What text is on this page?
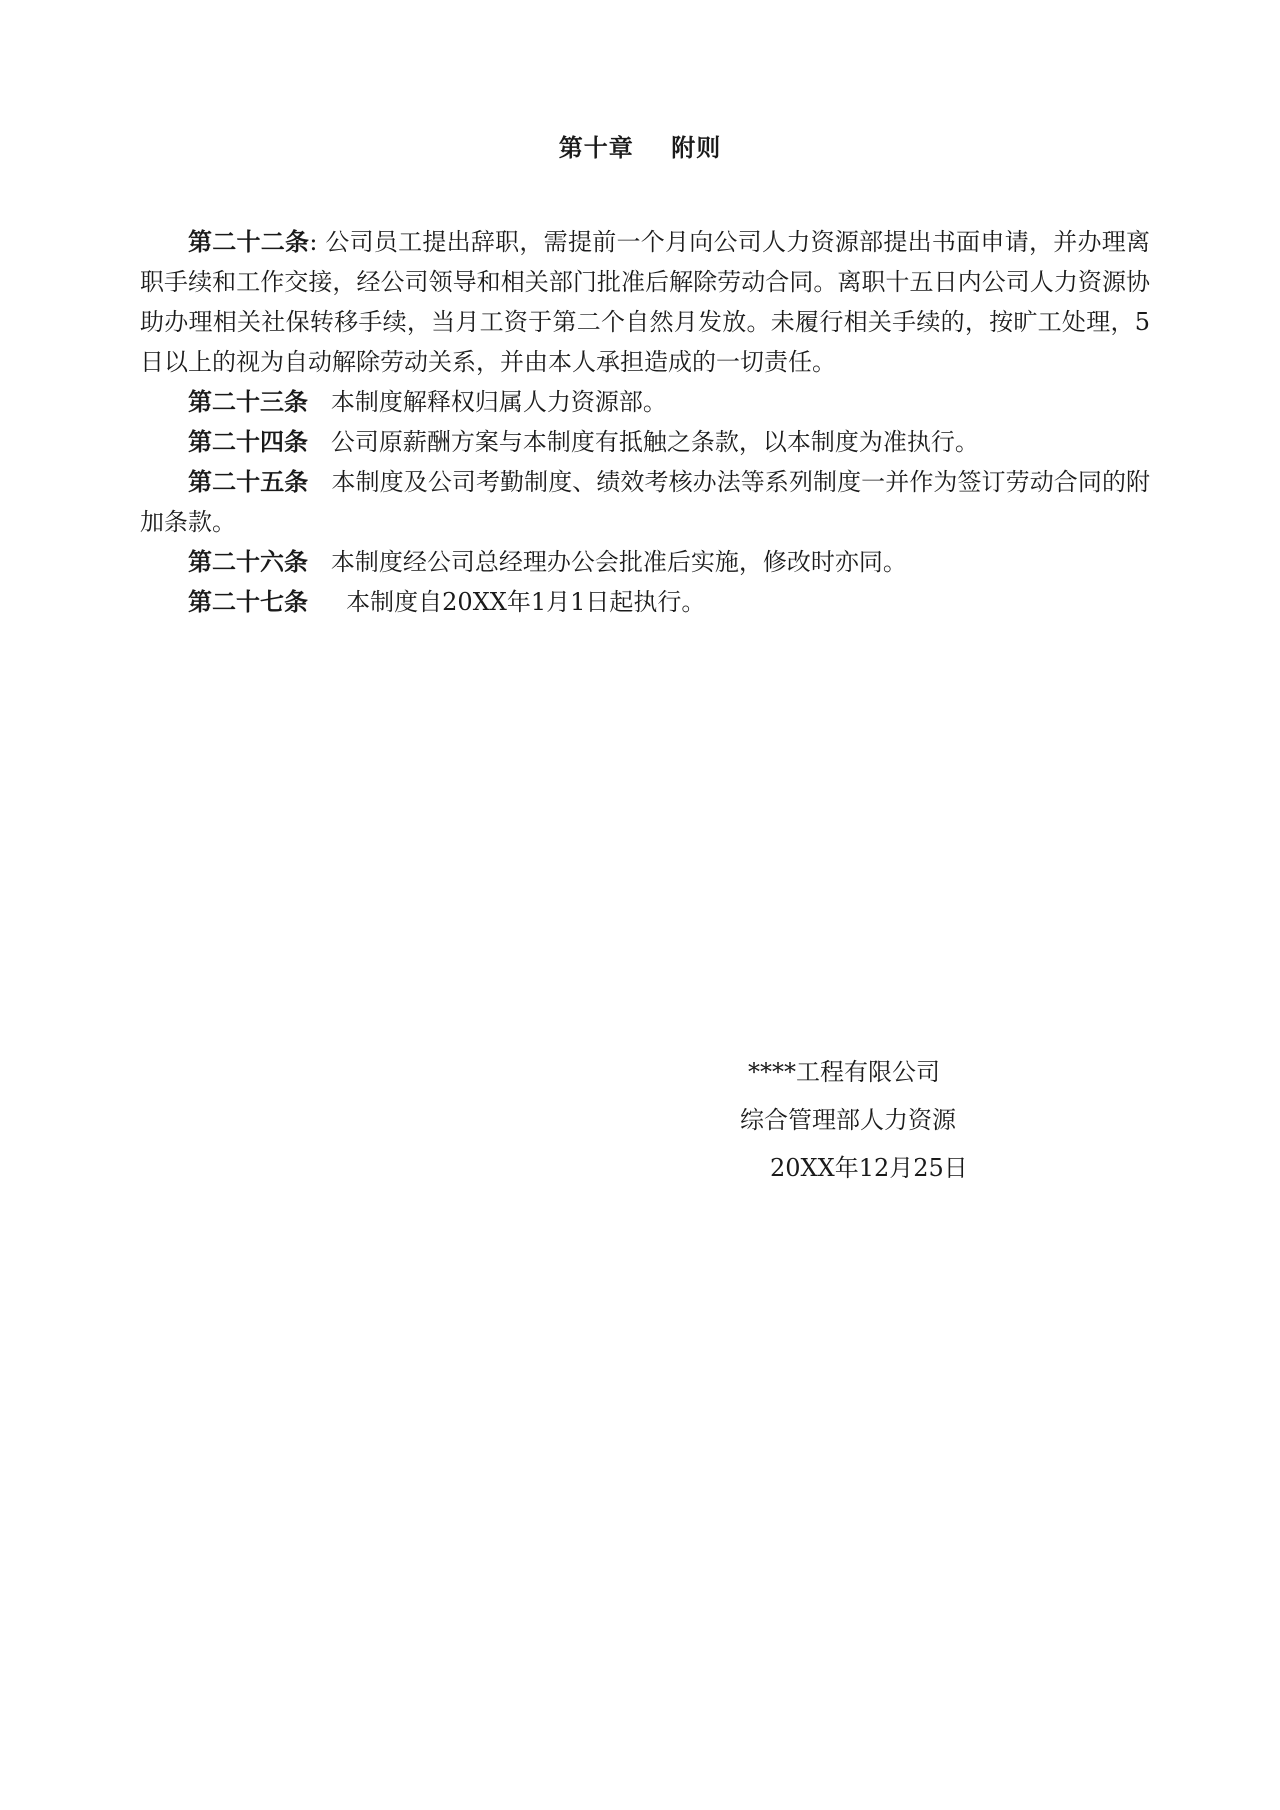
第十章    附则

第二十二条: 公司员工提出辞职，需提前一个月向公司人力资源部提出书面申请，并办理离职手续和工作交接，经公司领导和相关部门批准后解除劳动合同。离职十五日内公司人力资源协助办理相关社保转移手续，当月工资于第二个自然月发放。未履行相关手续的，按旷工处理，5日以上的视为自动解除劳动关系，并由本人承担造成的一切责任。

第二十三条 本制度解释权归属人力资源部。

第二十四条 公司原薪酬方案与本制度有抵触之条款，以本制度为准执行。

第二十五条 本制度及公司考勤制度、绩效考核办法等系列制度一并作为签订劳动合同的附加条款。

第二十六条 本制度经公司总经理办公会批准后实施，修改时亦同。

第二十七条 本制度自20XX年1月1日起执行。

****工程有限公司
综合管理部人力资源
20XX年12月25日
